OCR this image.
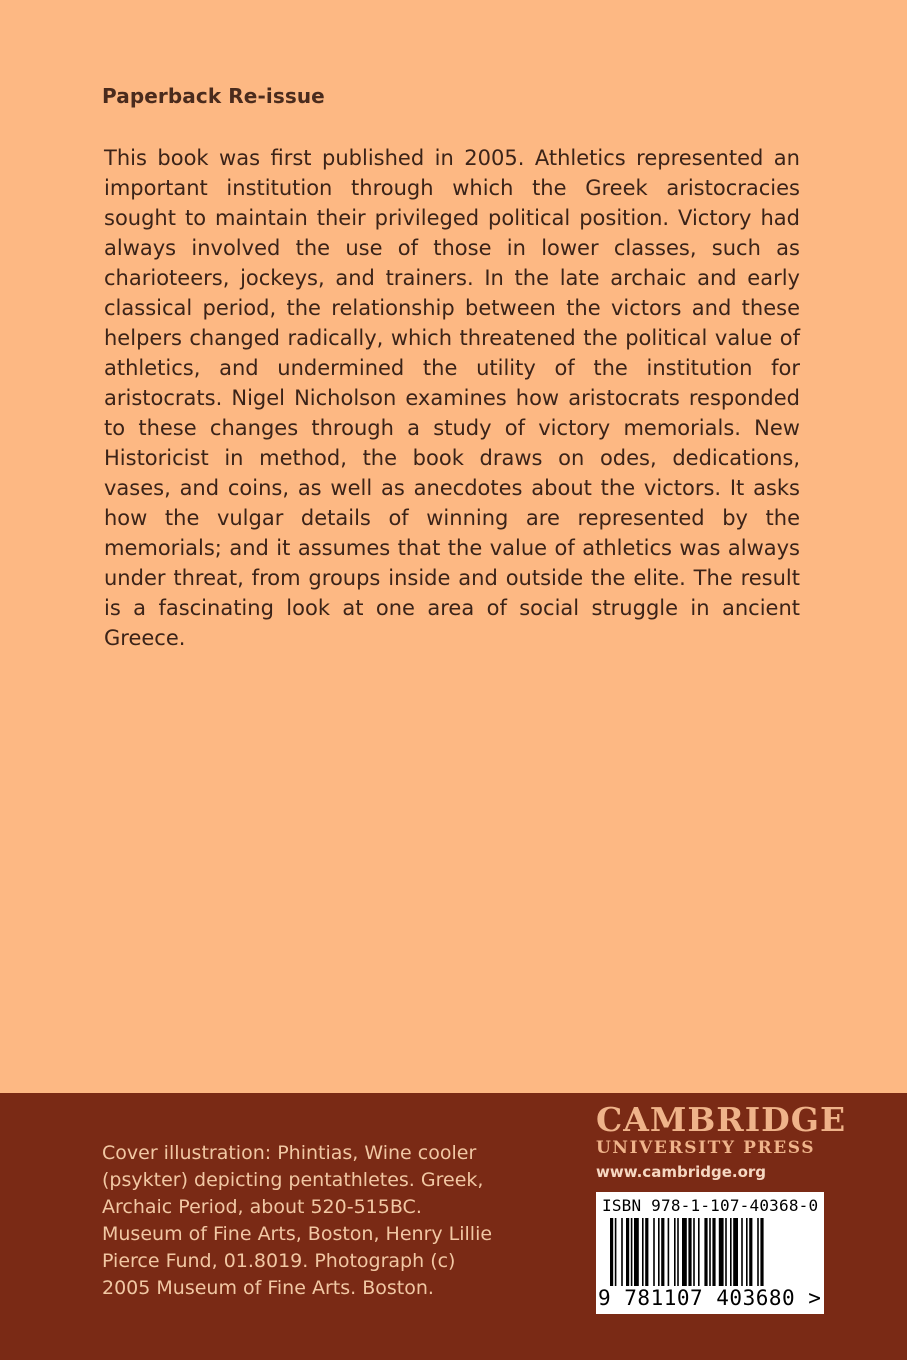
Paperback Re-issue

This book was first published in 2005. Athletics represented an important institution through which the Greek aristocracies sought to maintain their privileged political position. Victory had always involved the use of those in lower classes, such as charioteers, jockeys, and trainers. In the late archaic and early classical period, the relationship between the victors and these helpers changed radically, which threatened the political value of athletics, and undermined the utility of the institution for aristocrats. Nigel Nicholson examines how aristocrats responded to these changes through a study of victory memorials. New Historicist in method, the book draws on odes, dedications, vases, and coins, as well as anecdotes about the victors. It asks how the vulgar details of winning are represented by the memorials; and it assumes that the value of athletics was always under threat, from groups inside and outside the elite. The result is a fascinating look at one area of social struggle in ancient Greece.

Cover illustration: Phintias, Wine cooler (psykter) depicting pentathletes. Greek, Archaic Period, about 520-515BC. Museum of Fine Arts, Boston, Henry Lillie Pierce Fund, 01.8019. Photograph (c) 2005 Museum of Fine Arts. Boston.

CAMBRIDGE
UNIVERSITY PRESS
www.cambridge.org
ISBN 978-1-107-40368-0
9 781107 403680 >
